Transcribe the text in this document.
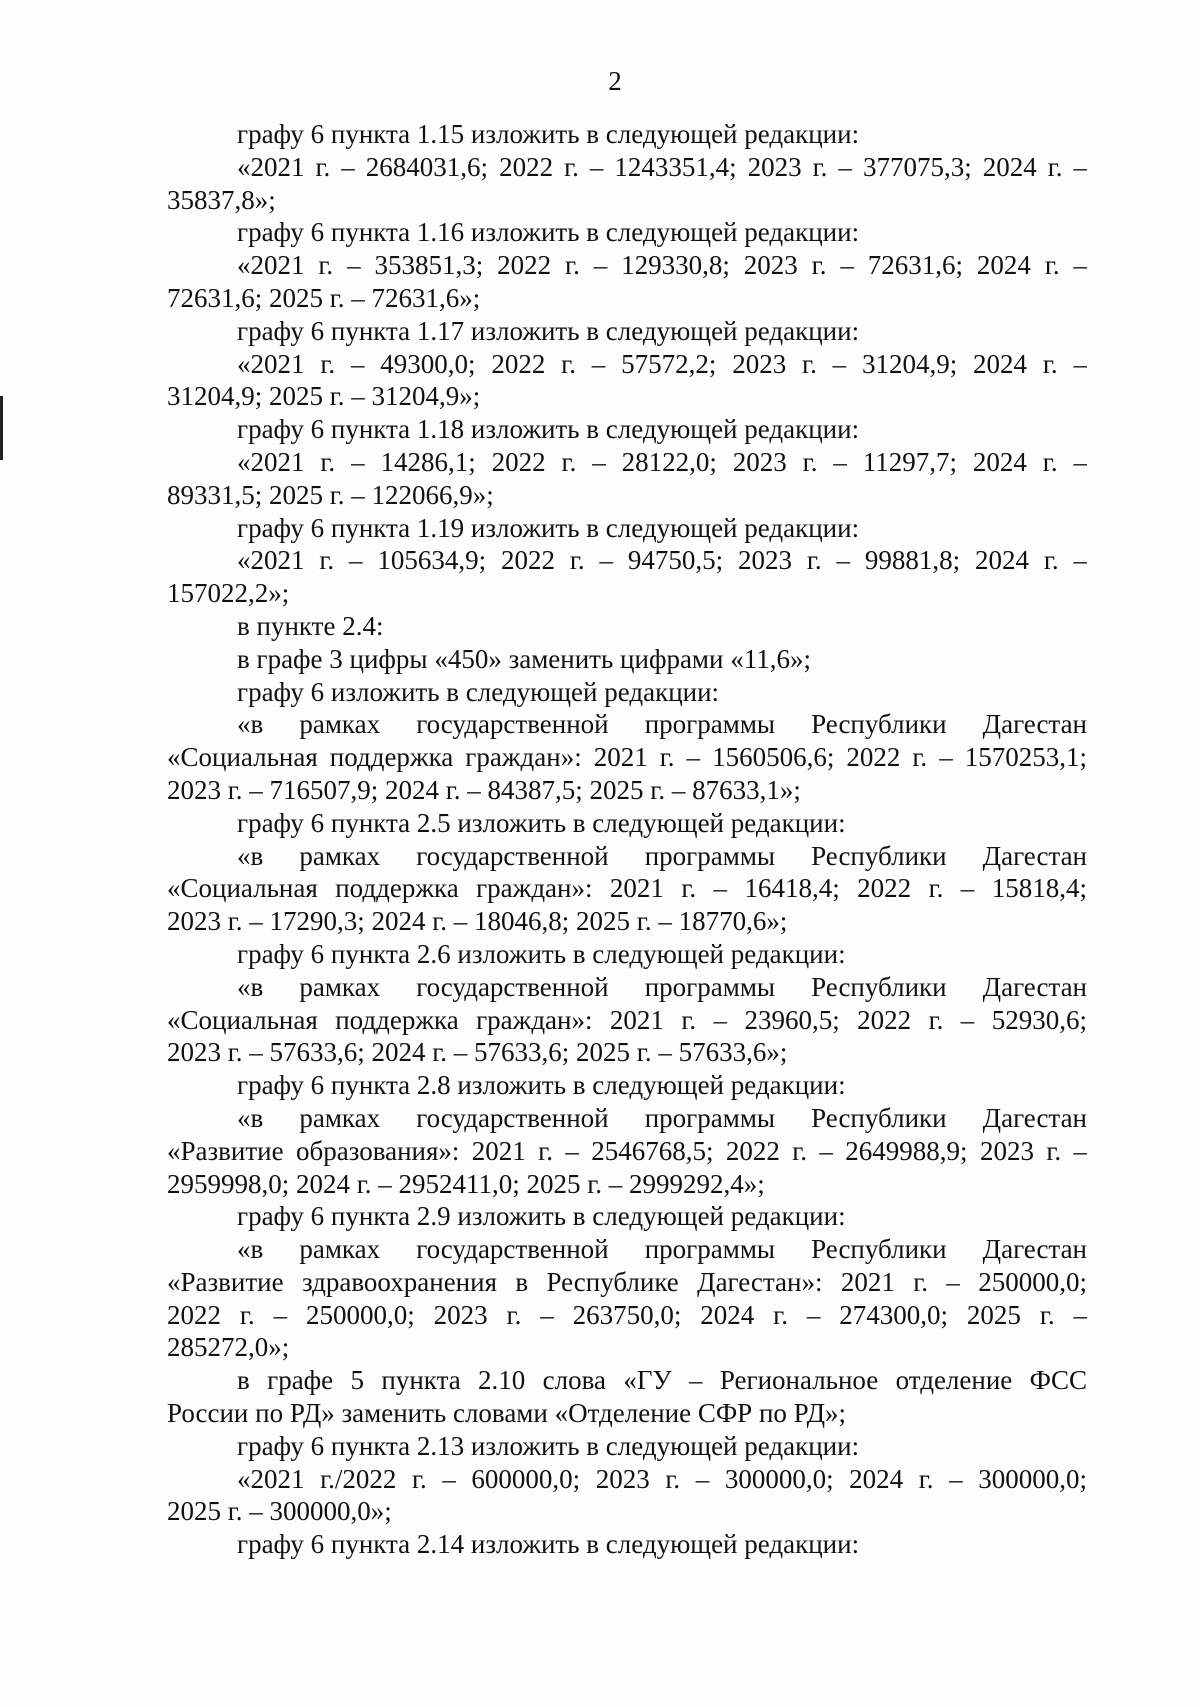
2
графу 6 пункта 1.15 изложить в следующей редакции:
«2021 г. – 2684031,6; 2022 г. – 1243351,4; 2023 г. – 377075,3; 2024 г. –
35837,8»;
графу 6 пункта 1.16 изложить в следующей редакции:
«2021 г. – 353851,3; 2022 г. – 129330,8; 2023 г. – 72631,6; 2024 г. –
72631,6; 2025 г. – 72631,6»;
графу 6 пункта 1.17 изложить в следующей редакции:
«2021 г. – 49300,0; 2022 г. – 57572,2; 2023 г. – 31204,9; 2024 г. –
31204,9; 2025 г. – 31204,9»;
графу 6 пункта 1.18 изложить в следующей редакции:
«2021 г. – 14286,1; 2022 г. – 28122,0; 2023 г. – 11297,7; 2024 г. –
89331,5; 2025 г. – 122066,9»;
графу 6 пункта 1.19 изложить в следующей редакции:
«2021 г. – 105634,9; 2022 г. – 94750,5; 2023 г. – 99881,8; 2024 г. –
157022,2»;
в пункте 2.4:
в графе 3 цифры «450» заменить цифрами «11,6»;
графу 6 изложить в следующей редакции:
«в рамках государственной программы Республики Дагестан
«Социальная поддержка граждан»: 2021 г. – 1560506,6; 2022 г. – 1570253,1;
2023 г. – 716507,9; 2024 г. – 84387,5; 2025 г. – 87633,1»;
графу 6 пункта 2.5 изложить в следующей редакции:
«в рамках государственной программы Республики Дагестан
«Социальная поддержка граждан»: 2021 г. – 16418,4; 2022 г. – 15818,4;
2023 г. – 17290,3; 2024 г. – 18046,8; 2025 г. – 18770,6»;
графу 6 пункта 2.6 изложить в следующей редакции:
«в рамках государственной программы Республики Дагестан
«Социальная поддержка граждан»: 2021 г. – 23960,5; 2022 г. – 52930,6;
2023 г. – 57633,6; 2024 г. – 57633,6; 2025 г. – 57633,6»;
графу 6 пункта 2.8 изложить в следующей редакции:
«в рамках государственной программы Республики Дагестан
«Развитие образования»: 2021 г. – 2546768,5; 2022 г. – 2649988,9; 2023 г. –
2959998,0; 2024 г. – 2952411,0; 2025 г. – 2999292,4»;
графу 6 пункта 2.9 изложить в следующей редакции:
«в рамках государственной программы Республики Дагестан
«Развитие здравоохранения в Республике Дагестан»: 2021 г. – 250000,0;
2022 г. – 250000,0; 2023 г. – 263750,0; 2024 г. – 274300,0; 2025 г. –
285272,0»;
в графе 5 пункта 2.10 слова «ГУ – Региональное отделение ФСС
России по РД» заменить словами «Отделение СФР по РД»;
графу 6 пункта 2.13 изложить в следующей редакции:
«2021 г./2022 г. – 600000,0; 2023 г. – 300000,0; 2024 г. – 300000,0;
2025 г. – 300000,0»;
графу 6 пункта 2.14 изложить в следующей редакции:
